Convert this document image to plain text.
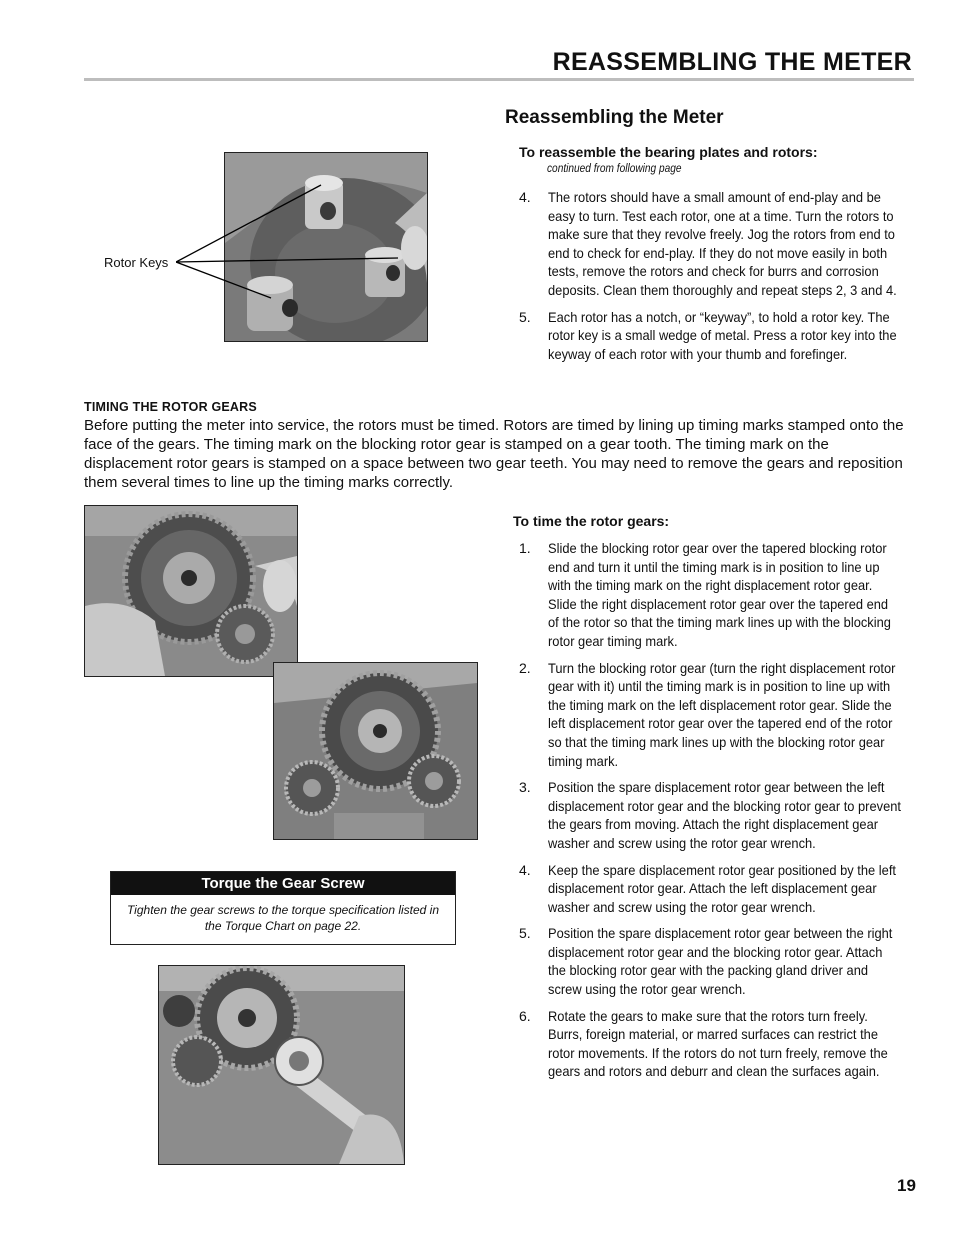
REASSEMBLING THE METER
Reassembling the Meter

To reassemble the bearing plates and rotors:

continued from following page
4. The rotors should have a small amount of end-play and be easy to turn. Test each rotor, one at a time. Turn the rotors to make sure that they revolve freely. Jog the rotors from end to end to check for end-play. If they do not move easily in both tests, remove the rotors and check for burrs and corrosion deposits. Clean them thoroughly and repeat steps 2, 3 and 4.
5. Each rotor has a notch, or “keyway”, to hold a rotor key. The rotor key is a small wedge of metal. Press a rotor key into the keyway of each rotor with your thumb and forefinger.
Rotor Keys

TIMING THE ROTOR GEARS

Before putting the meter into service, the rotors must be timed. Rotors are timed by lining up timing marks stamped onto the face of the gears. The timing mark on the blocking rotor gear is stamped on a gear tooth. The timing mark on the displacement rotor gears is stamped on a space between two gear teeth. You may need to remove the gears and reposition them several times to line up the timing marks correctly.

Torque the Gear Screw
Tighten the gear screws to the torque specification listed in the Torque Chart on page 22.

To time the rotor gears:

1. Slide the blocking rotor gear over the tapered blocking rotor end and turn it until the timing mark is in position to line up with the timing mark on the right displacement rotor gear. Slide the right displacement rotor gear over the tapered end of the rotor so that the timing mark lines up with the blocking rotor gear timing mark.
2. Turn the blocking rotor gear (turn the right displacement rotor gear with it) until the timing mark is in position to line up with the timing mark on the left displacement rotor gear. Slide the left displacement rotor gear over the tapered end of the rotor so that the timing mark lines up with the blocking rotor gear timing mark.
3. Position the spare displacement rotor gear between the left displacement rotor gear and the blocking rotor gear to prevent the gears from moving. Attach the right displacement gear washer and screw using the rotor gear wrench.
4. Keep the spare displacement rotor gear positioned by the left displacement rotor gear. Attach the left displacement gear washer and screw using the rotor gear wrench.
5. Position the spare displacement rotor gear between the right displacement rotor gear and the blocking rotor gear. Attach the blocking rotor gear with the packing gland driver and screw using the rotor gear wrench.
6. Rotate the gears to make sure that the rotors turn freely. Burrs, foreign material, or marred surfaces can restrict the rotor movements. If the rotors do not turn freely, remove the gears and rotors and deburr and clean the surfaces again.

19
